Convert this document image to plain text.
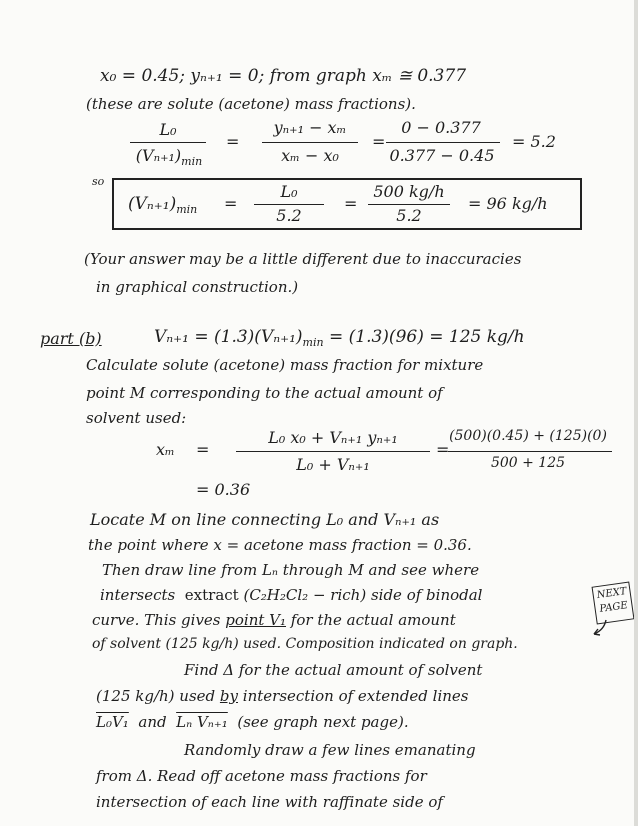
x₀ = 0.45; yₙ₊₁ = 0; from graph xₘ ≅ 0.377
(these are solute (acetone) mass fractions).
L₀
$(V_{n+1})_{min}$
=
yₙ₊₁ − xₘ
xₘ − x₀
=
0 − 0.377
0.377 − 0.45
= 5.2
so
$(V_{n+1})_{min}$ =
L₀
5.2
=
500 kg/h
5.2
= 96 kg/h
(Your answer may be a little different due to inaccuracies
in graphical construction.)
part (b)	$V_{n+1} = (1.3)(V_{n+1})_{min} = (1.3)(96) = 125$ kg/h
Calculate solute (acetone) mass fraction for mixture
point M corresponding to the actual amount of
solvent used:
xₘ =
L₀ x₀ + Vₙ₊₁ yₙ₊₁
L₀ + Vₙ₊₁
=
(500)(0.45) + (125)(0)
500 + 125
= 0.36
Locate M on line connecting L₀ and Vₙ₊₁ as
the point where x = acetone mass fraction = 0.36.
Then draw line from Lₙ through M and see where
intersects extract (C₂H₂Cl₂ − rich) side of binodal
curve. This gives point V₁ for the actual amount
of solvent (125 kg/h) used. Composition indicated on graph.
NEXT
PAGE
Find Δ for the actual amount of solvent
(125 kg/h) used by intersection of extended lines
L₀V₁ and Lₙ Vₙ₊₁ (see graph next page).
Randomly draw a few lines emanating
from Δ. Read off acetone mass fractions for
intersection of each line with raffinate side of
